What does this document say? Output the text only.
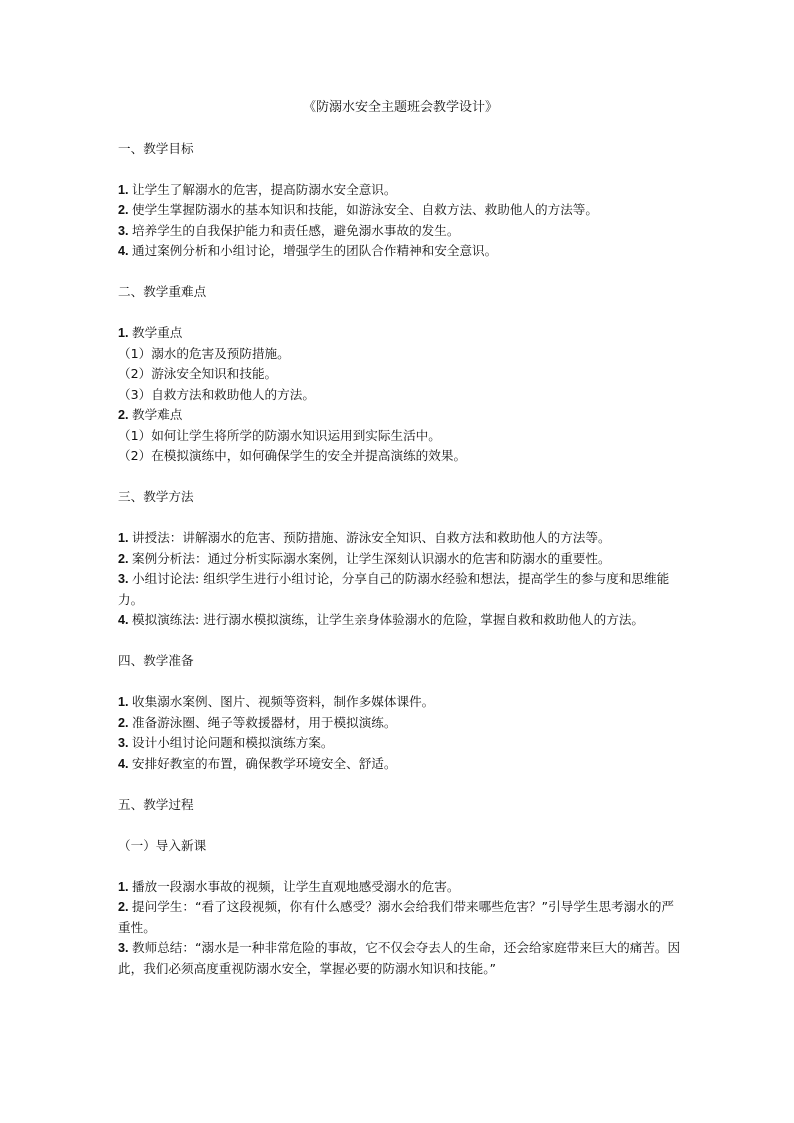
《防溺水安全主题班会教学设计》

一、教学目标

1. 让学生了解溺水的危害，提高防溺水安全意识。

2. 使学生掌握防溺水的基本知识和技能，如游泳安全、自救方法、救助他人的方法等。

3. 培养学生的自我保护能力和责任感，避免溺水事故的发生。

4. 通过案例分析和小组讨论，增强学生的团队合作精神和安全意识。

二、教学重难点

1. 教学重点

（1）溺水的危害及预防措施。

（2）游泳安全知识和技能。

（3）自救方法和救助他人的方法。

2. 教学难点

（1）如何让学生将所学的防溺水知识运用到实际生活中。

（2）在模拟演练中，如何确保学生的安全并提高演练的效果。

三、教学方法

1. 讲授法：讲解溺水的危害、预防措施、游泳安全知识、自救方法和救助他人的方法等。

2. 案例分析法：通过分析实际溺水案例，让学生深刻认识溺水的危害和防溺水的重要性。

3. 小组讨论法: 组织学生进行小组讨论，分享自己的防溺水经验和想法，提高学生的参与度和思维能力。

4. 模拟演练法: 进行溺水模拟演练，让学生亲身体验溺水的危险，掌握自救和救助他人的方法。

四、教学准备

1. 收集溺水案例、图片、视频等资料，制作多媒体课件。

2. 准备游泳圈、绳子等救援器材，用于模拟演练。

3. 设计小组讨论问题和模拟演练方案。

4. 安排好教室的布置，确保教学环境安全、舒适。

五、教学过程

（一）导入新课

1. 播放一段溺水事故的视频，让学生直观地感受溺水的危害。

2. 提问学生：“看了这段视频，你有什么感受？溺水会给我们带来哪些危害？”引导学生思考溺水的严重性。

3. 教师总结：“溺水是一种非常危险的事故，它不仅会夺去人的生命，还会给家庭带来巨大的痛苦。因此，我们必须高度重视防溺水安全，掌握必要的防溺水知识和技能。”
